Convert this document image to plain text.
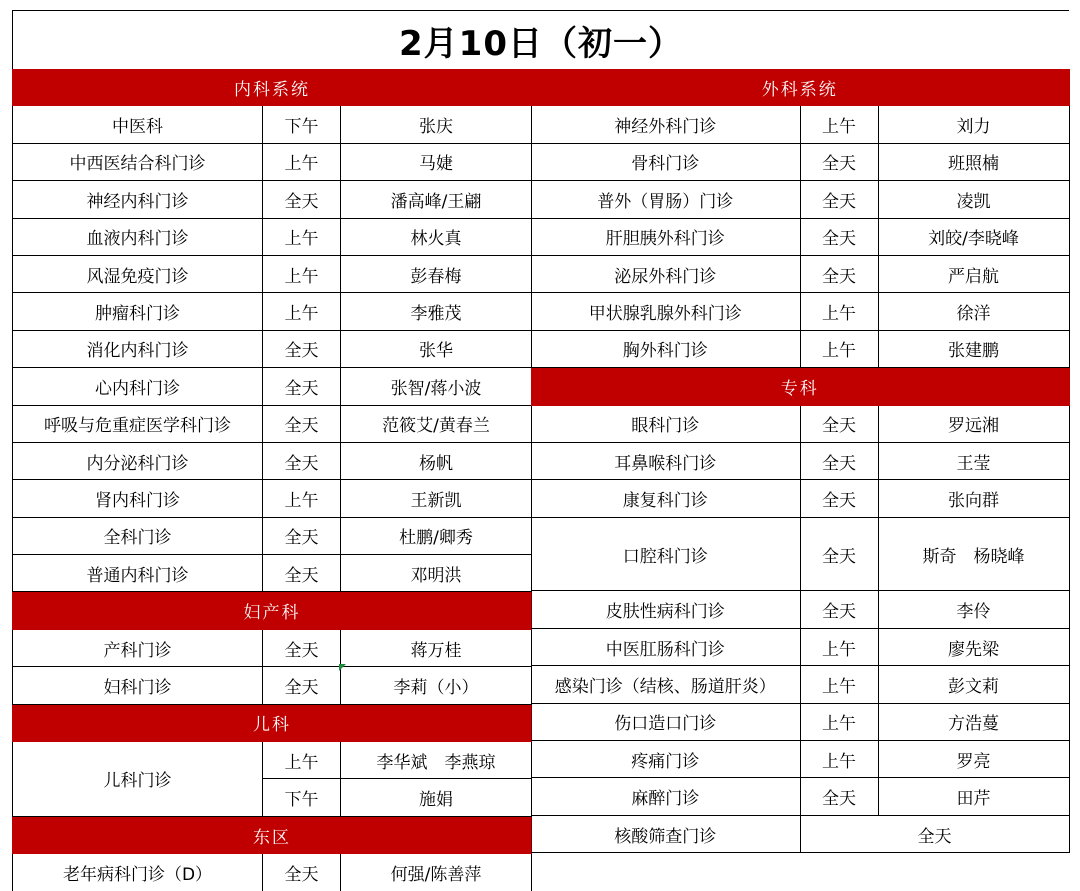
2月10日（初一）
内科系统		
中医科	下午	张庆
中西医结合科门诊	上午	马婕
神经内科门诊	全天	潘高峰/王翩
血液内科门诊	上午	林火真
风湿免疫门诊	上午	彭春梅
肿瘤科门诊	上午	李雅茂
消化内科门诊	全天	张华
心内科门诊	全天	张智/蒋小波
呼吸与危重症医学科门诊	全天	范筱艾/黄春兰
内分泌科门诊	全天	杨帆
肾内科门诊	上午	王新凯
全科门诊	全天	杜鹏/卿秀
普通内科门诊	全天	邓明洪
妇产科		
产科门诊	全天	蒋万桂
妇科门诊	全天	李莉（小）
儿科		
儿科门诊	上午	李华斌　李燕琼
	下午	施娟
东区		
老年病科门诊（D）	全天	何强/陈善萍
外科系统		
神经外科门诊	上午	刘力
骨科门诊	全天	班照楠
普外（胃肠）门诊	全天	凌凯
肝胆胰外科门诊	全天	刘皎/李晓峰
泌尿外科门诊	全天	严启航
甲状腺乳腺外科门诊	上午	徐洋
胸外科门诊	上午	张建鹏
专科		
眼科门诊	全天	罗远湘
耳鼻喉科门诊	全天	王莹
康复科门诊	全天	张向群
口腔科门诊	全天	斯奇　杨晓峰
皮肤性病科门诊	全天	李伶
中医肛肠科门诊	上午	廖先梁
感染门诊（结核、肠道肝炎）	上午	彭文莉
伤口造口门诊	上午	方浩蔓
疼痛门诊	上午	罗亮
麻醉门诊	全天	田芹
核酸筛查门诊	全天	
